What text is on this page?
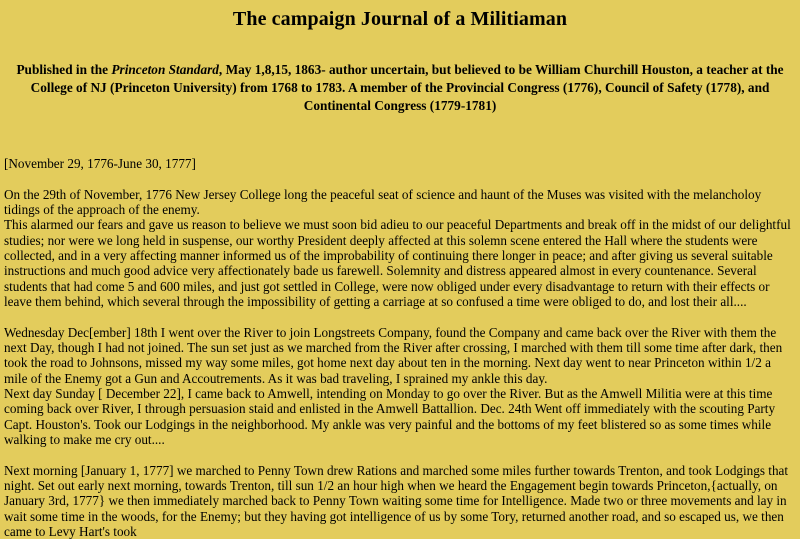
The campaign Journal of a Militiaman

Published in the Princeton Standard, May 1,8,15, 1863- author uncertain, but believed to be William Churchill Houston, a teacher at the College of NJ (Princeton University) from 1768 to 1783. A member of the Provincial Congress (1776), Council of Safety (1778), and Continental Congress (1779-1781)

[November 29, 1776-June 30, 1777]

On the 29th of November, 1776 New Jersey College long the peaceful seat of science and haunt of the Muses was visited with the melancholoy tidings of the approach of the enemy.

This alarmed our fears and gave us reason to believe we must soon bid adieu to our peaceful Departments and break off in the midst of our delightful studies; nor were we long held in suspense, our worthy President deeply affected at this solemn scene entered the Hall where the students were collected, and in a very affecting manner informed us of the improbability of continuing there longer in peace; and after giving us several suitable instructions and much good advice very affectionately bade us farewell. Solemnity and distress appeared almost in every countenance. Several students that had come 5 and 600 miles, and just got settled in College, were now obliged under every disadvantage to return with their effects or leave them behind, which several through the impossibility of getting a carriage at so confused a time were obliged to do, and lost their all....

Wednesday Dec[ember] 18th I went over the River to join Longstreets Company, found the Company and came back over the River with them the next Day, though I had not joined. The sun set just as we marched from the River after crossing, I marched with them till some time after dark, then took the road to Johnsons, missed my way some miles, got home next day about ten in the morning. Next day went to near Princeton within 1/2 a mile of the Enemy got a Gun and Accoutrements. As it was bad traveling, I sprained my ankle this day.

Next day Sunday [ December 22], I came back to Amwell, intending on Monday to go over the River. But as the Amwell Militia were at this time coming back over River, I through persuasion staid and enlisted in the Amwell Battallion. Dec. 24th Went off immediately with the scouting Party Capt. Houston's. Took our Lodgings in the neighborhood. My ankle was very painful and the bottoms of my feet blistered so as some times while walking to make me cry out....

Next morning [January 1, 1777] we marched to Penny Town drew Rations and marched some miles further towards Trenton, and took Lodgings that night. Set out early next morning, towards Trenton, till sun 1/2 an hour high when we heard the Engagement begin towards Princeton,{actually, on January 3rd, 1777} we then immediately marched back to Penny Town waiting some time for Intelligence. Made two or three movements and lay in wait some time in the woods, for the Enemy; but they having got intelligence of us by some Tory, returned another road, and so escaped us, we then came to Levy Hart's took
